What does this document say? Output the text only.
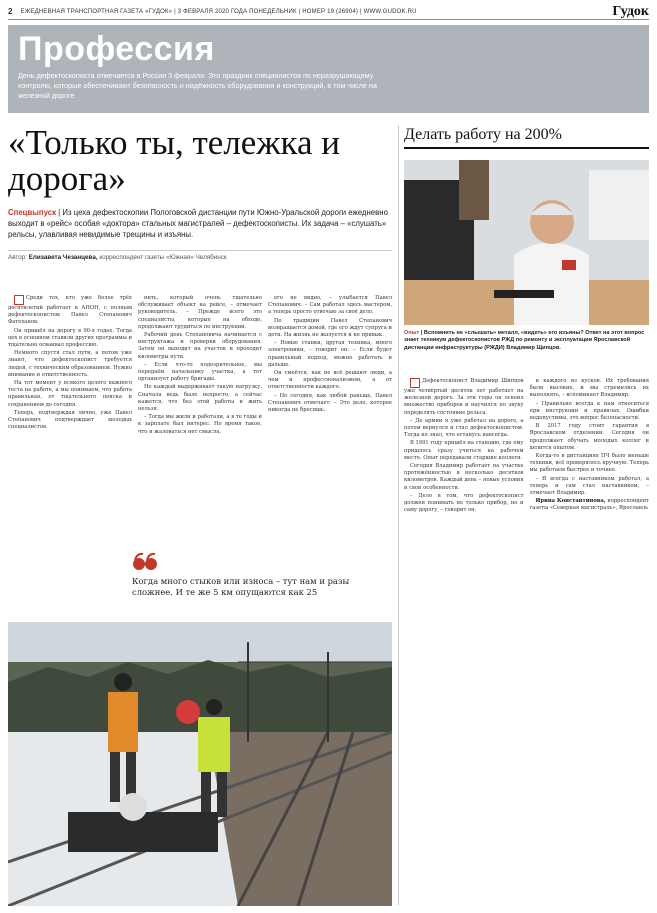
2 ЕЖЕДНЕВНАЯ ТРАНСПОРТНАЯ ГАЗЕТА «ГУДОК» | 3 ФЕВРАЛЯ 2020 ГОДА ПОНЕДЕЛЬНИК | НОМЕР 19 (26904) | WWW.GUDOK.RU	Гудок
Профессия
День дефектоскописта отмечается в России 3 февраля. Это праздник специалистов по неразрушающему контролю, которые обеспечивают безопасность и надёжность оборудования и конструкций, в том числе на железной дороге
«Только ты, тележка и дорога»
Спецвыпуск | Из цеха дефектоскопии Пологовской дистанции пути Южно-Уральской дороги ежедневно выходит в «рейс» особая «доктора» стальных магистралей – дефектоскописты. Их задача – «слушать» рельсы, улавливая невидимые трещины и изъяны.
Автор: Елизавета Чезанцева, корреспондент газеты «Южная» Челябинск

Среди тех, кто уже более трёх десятилетий работает в АНОН, с полным дефектоскопистом Павел Степанович Фатеханов.

Он пришёл на дорогу в 90-х годах. Тогда цех в основном ставили других программы и тщательно осваивал профессию.

Немного спустя стал пути, а потом уже знают, что дефектоскопист требуется людей, с техническим образованием. Нужно внимание и ответственность.

На тот момент у всякого целого важного теста на работе, а мы понимаем, что работа правильная, от тщательного поиска и сохранением до сегодня.

Теперь, подтверждая лично, уже Павел Степанович подтверждает молодых специалистов.

нить, который очень тщательно обслуживает объект на рейсе, – отмечает руководитель. – Прежде всего это специалисты, которые на обходе, продолжают трудиться по инструкции.

Рабочий день Степановича начинается с инструктажа и проверки оборудования. Затем он выходит на участок и проходит километры пути.

– Если что-то подозрительное, мы передаём начальнику участка, а тот организует работу бригады.

Не каждый выдерживает такую нагрузку. Сначала ведь было непросто, а сейчас кажется, что без этой работы и жить нельзя.

– Тогда мы жили и работали, а в те годы и к зарплате был интерес. Но время такое, что и жаловаться нет смысла.

его не видно, – улыбается Павел Степанович. – Сам работал здесь мастером, а теперь просто отвечаю за своё дело.

По традиции Павел Степанович возвращается домой, где его ждут супруга и дети. На жизнь не жалуется и не привык.

– Новые станки, другая техника, много электроники, – говорит он. – Если будет правильный подход, можно работать и дальше.

Он смеётся, как не всё решают люди, а чем и профессионализмом, а от ответственности каждого.

– Но сегодня, как любой раньше, Павел Степанович отмечает: – Это дело, которое никогда не бросишь.

Когда много стыков или износа – тут нам и разы сложнее. И те же 5 км опущаются как 25
Делать работу на 200%
Опыт | Вспомнить не «слышать» металл, «видеть» его изъяны? Ответ на этот вопрос знает техникум дефектоскопистов РЖД по ремонту и эксплуатации Ярославской дистанции инфраструктуры (РЖДИ) Владимир Щипцов.

Дефектоскопист Владимир Шипцов уже четвёртый десяток лет работает на железной дороге. За эти годы он освоил множество приборов и научился по звуку определять состояние рельса.

– До армии я уже работал на дороге, а потом вернулся и стал дефектоскопистом. Тогда не знал, что останусь навсегда.

В 1991 году пришёл на станцию, где ему пришлось сразу учиться на рабочем месте. Опыт передавали старшие коллеги.

Сегодня Владимир работает на участке протяжённостью в несколько десятков километров. Каждый день – новые условия и свои особенности.

– Дело в том, что дефектоскопист должен понимать не только прибор, но и саму дорогу, – говорит он.

и каждого из кусков. Их требования были высокие, и мы стремились их выполнять, – вспоминает Владимир.

– Правильно всегда к нам относиться при инструкции и правилах. Ошибки недопустимы, это вопрос безопасности.

В 2017 году стоит гарантия в Ярославском отделении. Сегодня он продолжает обучать молодых коллег и делится опытом.

Когда-то в дистанциях ПЧ было меньше техники, всё проверялось вручную. Теперь мы работаем быстрее и точнее.

– Я всегда с наставником работал, а теперь и сам стал наставником, – отмечает Владимир.

Ирина Константинова, корреспондент газеты «Северная магистраль», Ярославль
